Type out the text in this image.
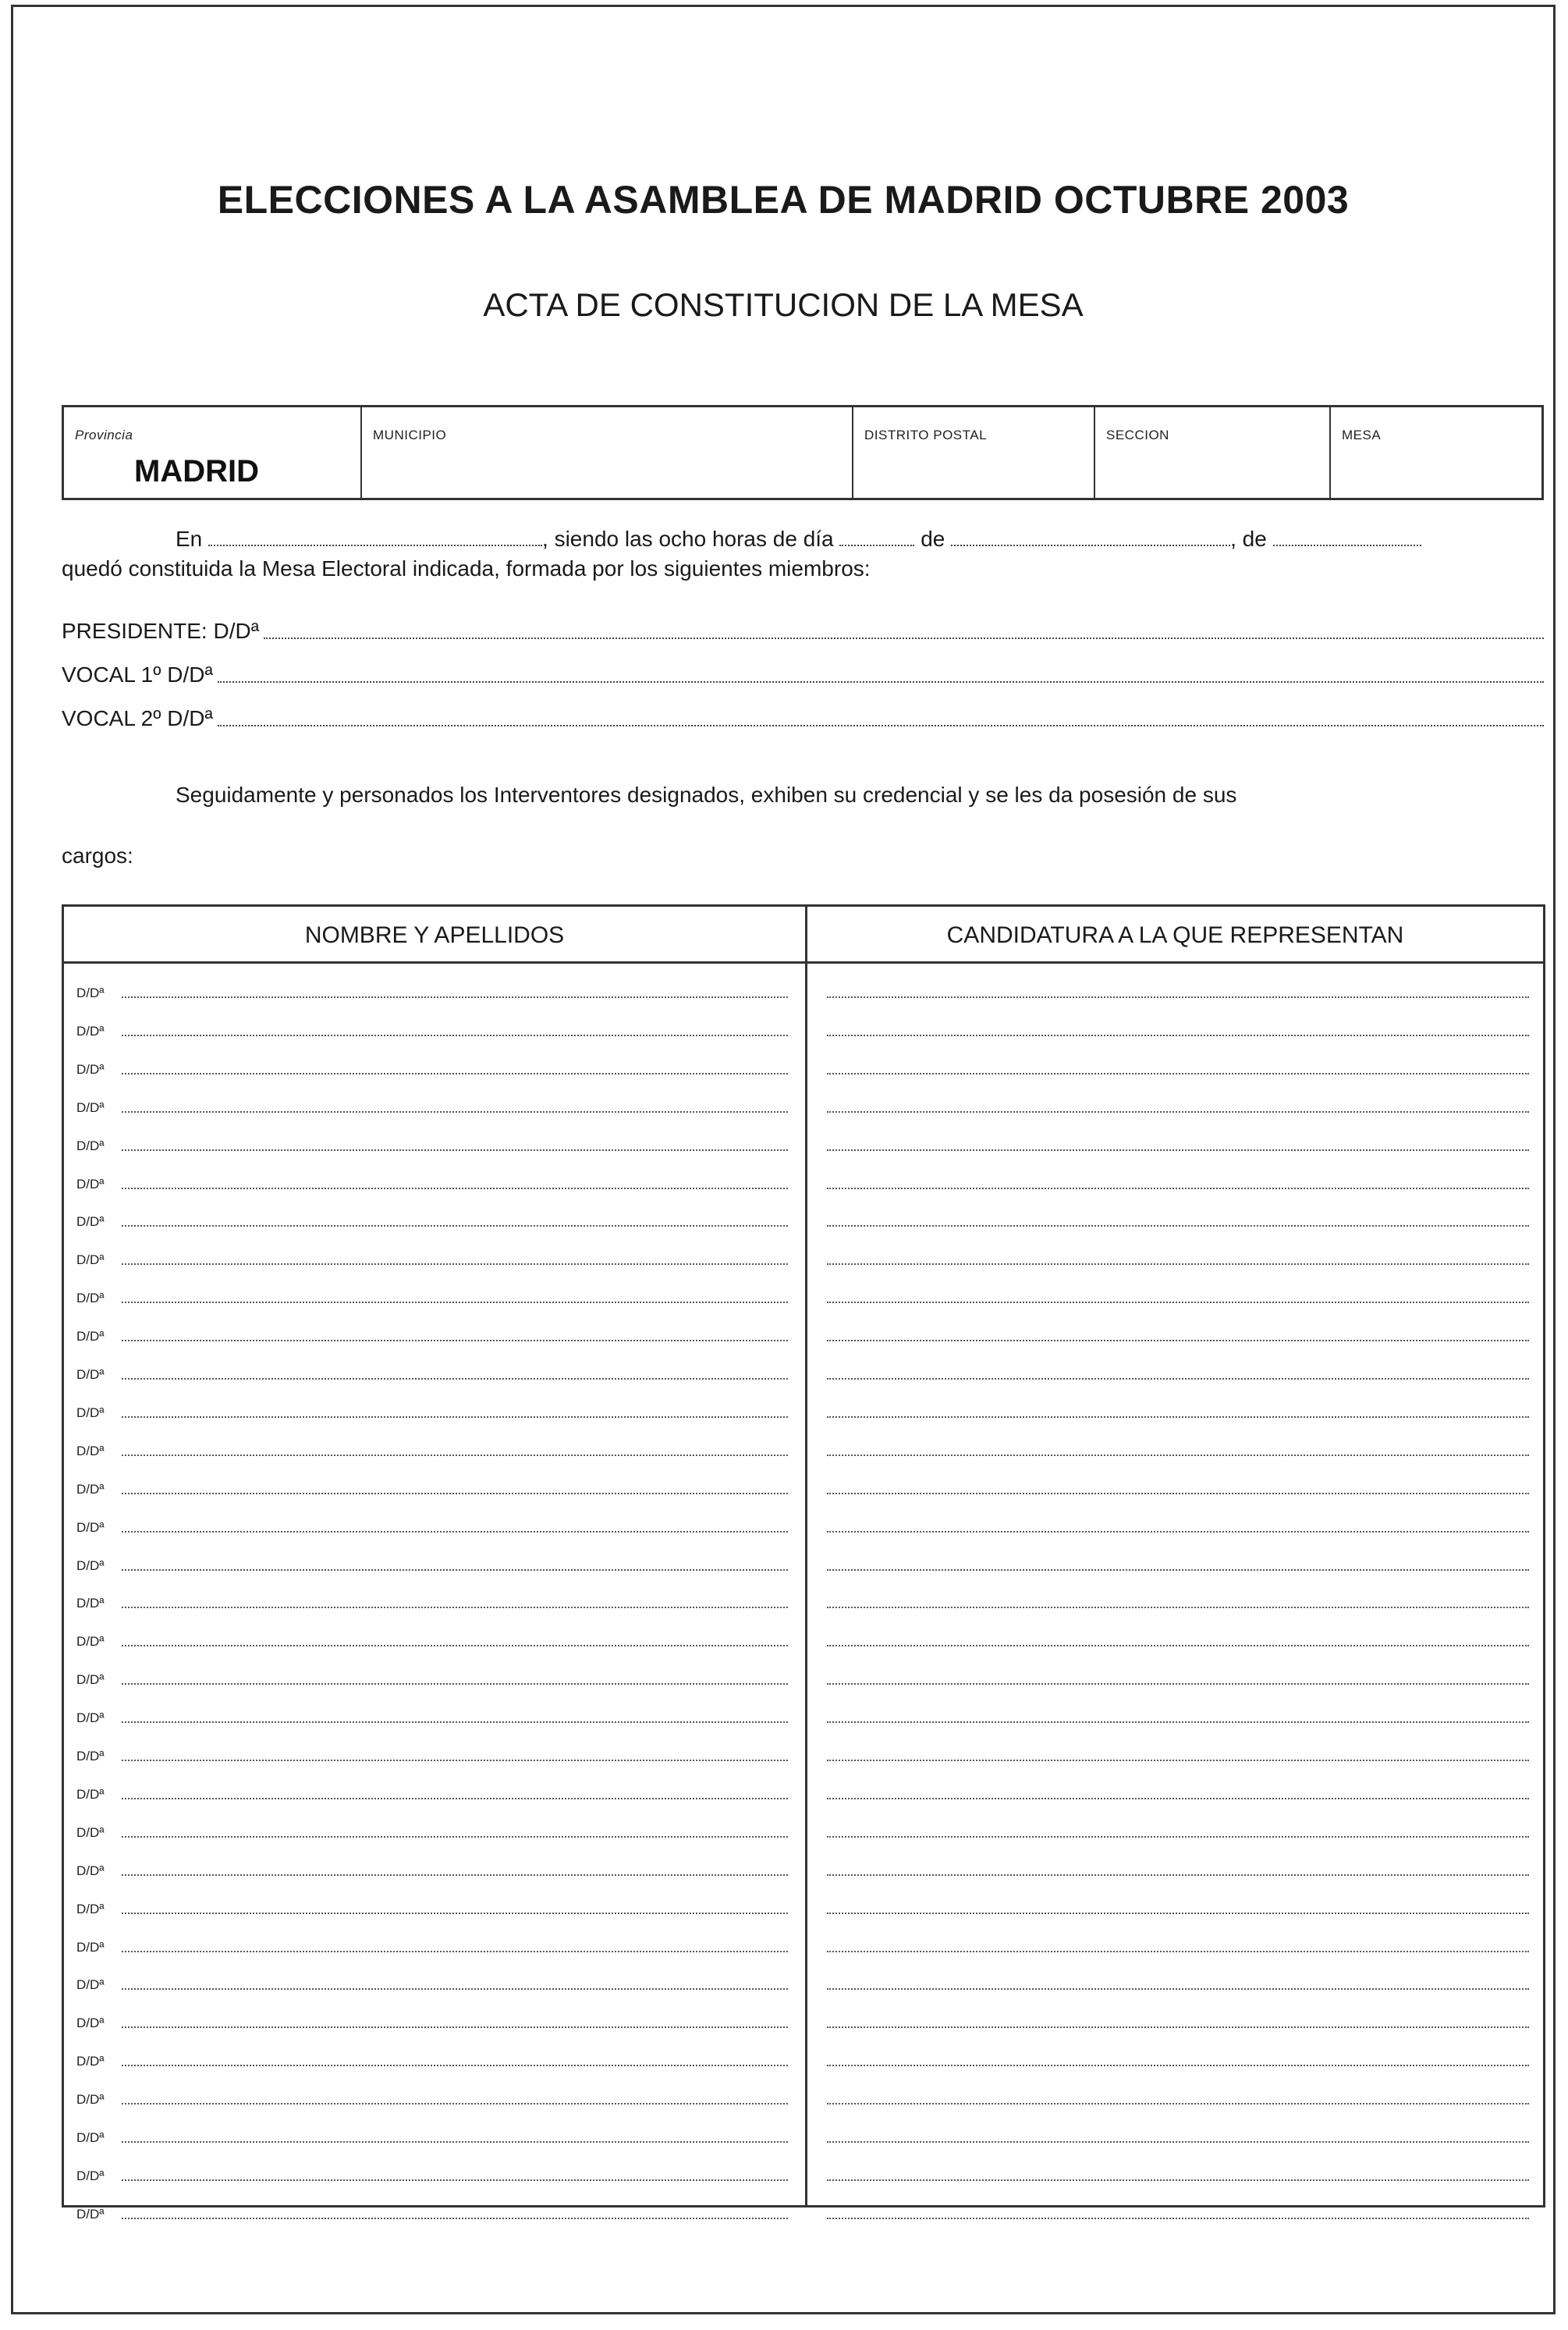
ELECCIONES A LA ASAMBLEA DE MADRID OCTUBRE 2003
ACTA DE CONSTITUCION DE LA MESA
Provincia
MADRID
MUNICIPIO	DISTRITO POSTAL	SECCION	MESA
En	, siendo las ocho horas de día	de	, de
quedó constituida la Mesa Electoral indicada, formada por los siguientes miembros:
PRESIDENTE: D/Dª
VOCAL 1º D/Dª
VOCAL 2º D/Dª
Seguidamente y personados los Interventores designados, exhiben su credencial y se les da posesión de sus
cargos:
NOMBRE Y APELLIDOS	CANDIDATURA A LA QUE REPRESENTAN
D/Dª
D/Dª
D/Dª
D/Dª
D/Dª
D/Dª
D/Dª
D/Dª
D/Dª
D/Dª
D/Dª
D/Dª
D/Dª
D/Dª
D/Dª
D/Dª
D/Dª
D/Dª
D/Dª
D/Dª
D/Dª
D/Dª
D/Dª
D/Dª
D/Dª
D/Dª
D/Dª
D/Dª
D/Dª
D/Dª
D/Dª
D/Dª
D/Dª
